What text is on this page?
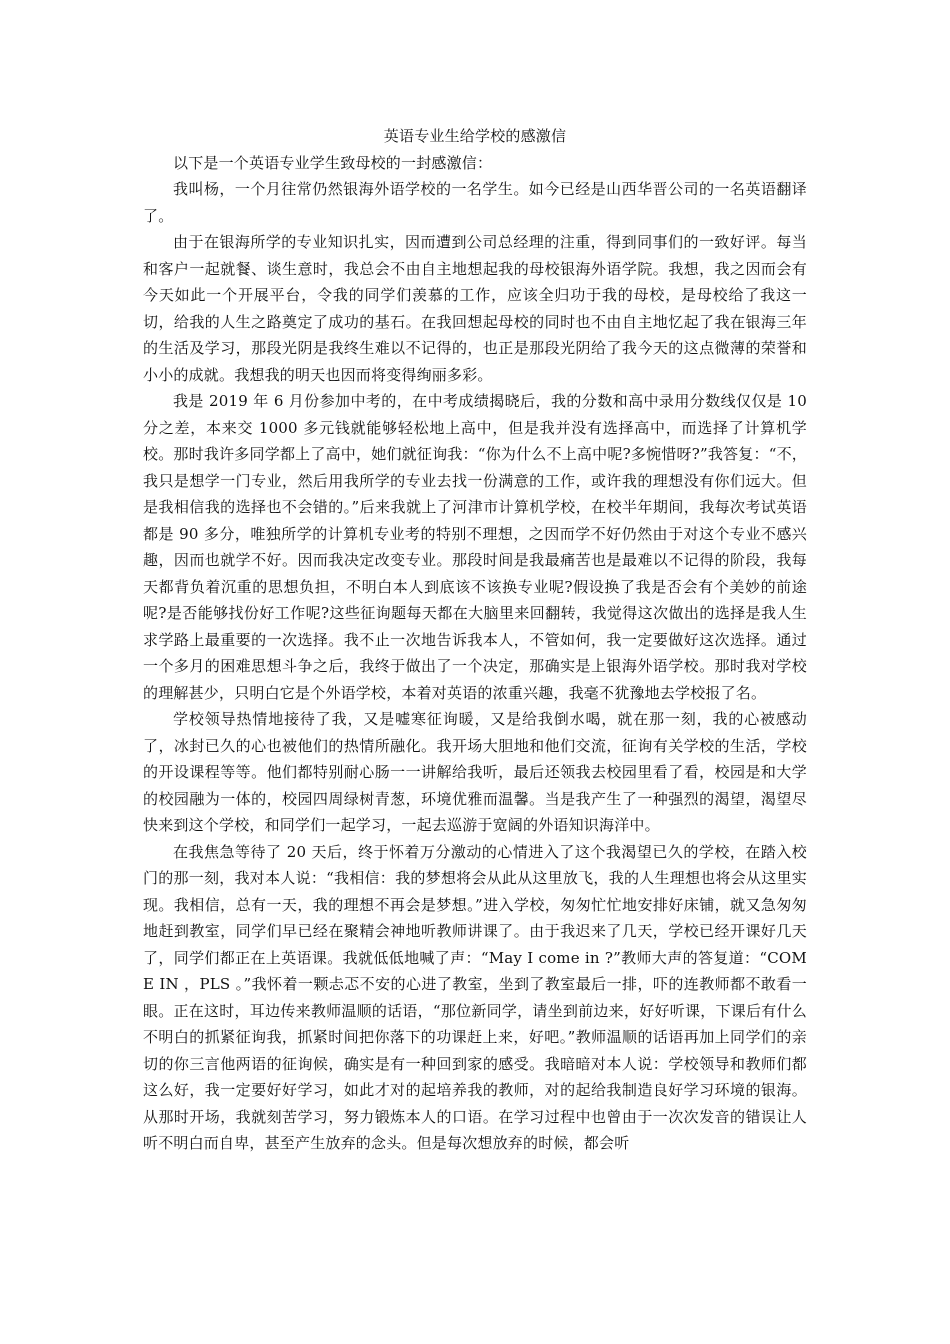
英语专业生给学校的感激信

以下是一个英语专业学生致母校的一封感激信：

我叫杨，一个月往常仍然银海外语学校的一名学生。如今已经是山西华晋公司的一名英语翻译了。

由于在银海所学的专业知识扎实，因而遭到公司总经理的注重，得到同事们的一致好评。每当和客户一起就餐、谈生意时，我总会不由自主地想起我的母校银海外语学院。我想，我之因而会有今天如此一个开展平台，令我的同学们羡慕的工作，应该全归功于我的母校，是母校给了我这一切，给我的人生之路奠定了成功的基石。在我回想起母校的同时也不由自主地忆起了我在银海三年的生活及学习，那段光阴是我终生难以不记得的，也正是那段光阴给了我今天的这点微薄的荣誉和小小的成就。我想我的明天也因而将变得绚丽多彩。

我是 2019 年 6 月份参加中考的，在中考成绩揭晓后，我的分数和高中录用分数线仅仅是 10 分之差，本来交 1000 多元钱就能够轻松地上高中，但是我并没有选择高中，而选择了计算机学校。那时我许多同学都上了高中，她们就征询我：“你为什么不上高中呢?多惋惜呀?”我答复：“不，我只是想学一门专业，然后用我所学的专业去找一份满意的工作，或许我的理想没有你们远大。但是我相信我的选择也不会错的。”后来我就上了河津市计算机学校，在校半年期间，我每次考试英语都是 90 多分，唯独所学的计算机专业考的特别不理想，之因而学不好仍然由于对这个专业不感兴趣，因而也就学不好。因而我决定改变专业。那段时间是我最痛苦也是最难以不记得的阶段，我每天都背负着沉重的思想负担，不明白本人到底该不该换专业呢?假设换了我是否会有个美妙的前途呢?是否能够找份好工作呢?这些征询题每天都在大脑里来回翻转，我觉得这次做出的选择是我人生求学路上最重要的一次选择。我不止一次地告诉我本人，不管如何，我一定要做好这次选择。通过一个多月的困难思想斗争之后，我终于做出了一个决定，那确实是上银海外语学校。那时我对学校的理解甚少，只明白它是个外语学校，本着对英语的浓重兴趣，我毫不犹豫地去学校报了名。

学校领导热情地接待了我，又是嘘寒征询暖，又是给我倒水喝，就在那一刻，我的心被感动了，冰封已久的心也被他们的热情所融化。我开场大胆地和他们交流，征询有关学校的生活，学校的开设课程等等。他们都特别耐心肠一一讲解给我听，最后还领我去校园里看了看，校园是和大学的校园融为一体的，校园四周绿树青葱，环境优雅而温馨。当是我产生了一种强烈的渴望，渴望尽快来到这个学校，和同学们一起学习，一起去巡游于宽阔的外语知识海洋中。

在我焦急等待了 20 天后，终于怀着万分激动的心情进入了这个我渴望已久的学校，在踏入校门的那一刻，我对本人说：“我相信：我的梦想将会从此从这里放飞，我的人生理想也将会从这里实现。我相信，总有一天，我的理想不再会是梦想。”进入学校，匆匆忙忙地安排好床铺，就又急匆匆地赶到教室，同学们早已经在聚精会神地听教师讲课了。由于我迟来了几天，学校已经开课好几天了，同学们都正在上英语课。我就低低地喊了声：“May I come in ?”教师大声的答复道：“COME IN ，PLS 。”我怀着一颗忐忑不安的心进了教室，坐到了教室最后一排，吓的连教师都不敢看一眼。正在这时，耳边传来教师温顺的话语，“那位新同学，请坐到前边来，好好听课，下课后有什么不明白的抓紧征询我，抓紧时间把你落下的功课赶上来，好吧。”教师温顺的话语再加上同学们的亲切的你三言他两语的征询候，确实是有一种回到家的感受。我暗暗对本人说：学校领导和教师们都这么好，我一定要好好学习，如此才对的起培养我的教师，对的起给我制造良好学习环境的银海。从那时开场，我就刻苦学习，努力锻炼本人的口语。在学习过程中也曾由于一次次发音的错误让人听不明白而自卑，甚至产生放弃的念头。但是每次想放弃的时候，都会听
